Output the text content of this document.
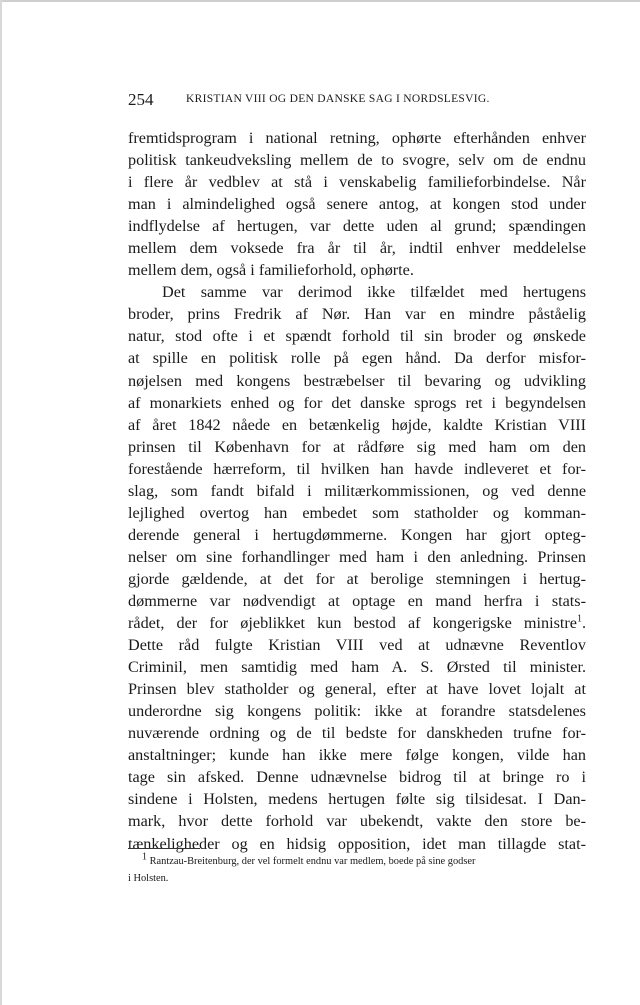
254	KRISTIAN VIII OG DEN DANSKE SAG I NORDSLESVIG.
fremtidsprogram i national retning, ophørte efterhånden enhver
politisk tankeudveksling mellem de to svogre, selv om de endnu
i flere år vedblev at stå i venskabelig familieforbindelse. Når
man i almindelighed også senere antog, at kongen stod under
indflydelse af hertugen, var dette uden al grund; spændingen
mellem dem voksede fra år til år, indtil enhver meddelelse
mellem dem, også i familieforhold, ophørte.
Det samme var derimod ikke tilfældet med hertugens
broder, prins Fredrik af Nør. Han var en mindre påståelig
natur, stod ofte i et spændt forhold til sin broder og ønskede
at spille en politisk rolle på egen hånd. Da derfor misfor-
nøjelsen med kongens bestræbelser til bevaring og udvikling
af monarkiets enhed og for det danske sprogs ret i begyndelsen
af året 1842 nåede en betænkelig højde, kaldte Kristian VIII
prinsen til København for at rådføre sig med ham om den
forestående hærreform, til hvilken han havde indleveret et for-
slag, som fandt bifald i militærkommissionen, og ved denne
lejlighed overtog han embedet som statholder og komman-
derende general i hertugdømmerne. Kongen har gjort opteg-
nelser om sine forhandlinger med ham i den anledning. Prinsen
gjorde gældende, at det for at berolige stemningen i hertug-
dømmerne var nødvendigt at optage en mand herfra i stats-
rådet, der for øjeblikket kun bestod af kongerigske ministre$^1$.
Dette råd fulgte Kristian VIII ved at udnævne Reventlov
Criminil, men samtidig med ham A. S. Ørsted til minister.
Prinsen blev statholder og general, efter at have lovet lojalt at
underordne sig kongens politik: ikke at forandre statsdelenes
nuværende ordning og de til bedste for danskheden trufne for-
anstaltninger; kunde han ikke mere følge kongen, vilde han
tage sin afsked. Denne udnævnelse bidrog til at bringe ro i
sindene i Holsten, medens hertugen følte sig tilsidesat. I Dan-
mark, hvor dette forhold var ubekendt, vakte den store be-
tænkeligheder og en hidsig opposition, idet man tillagde stat-
$^1$ Rantzau-Breitenburg, der vel formelt endnu var medlem, boede på sine godser
i Holsten.
